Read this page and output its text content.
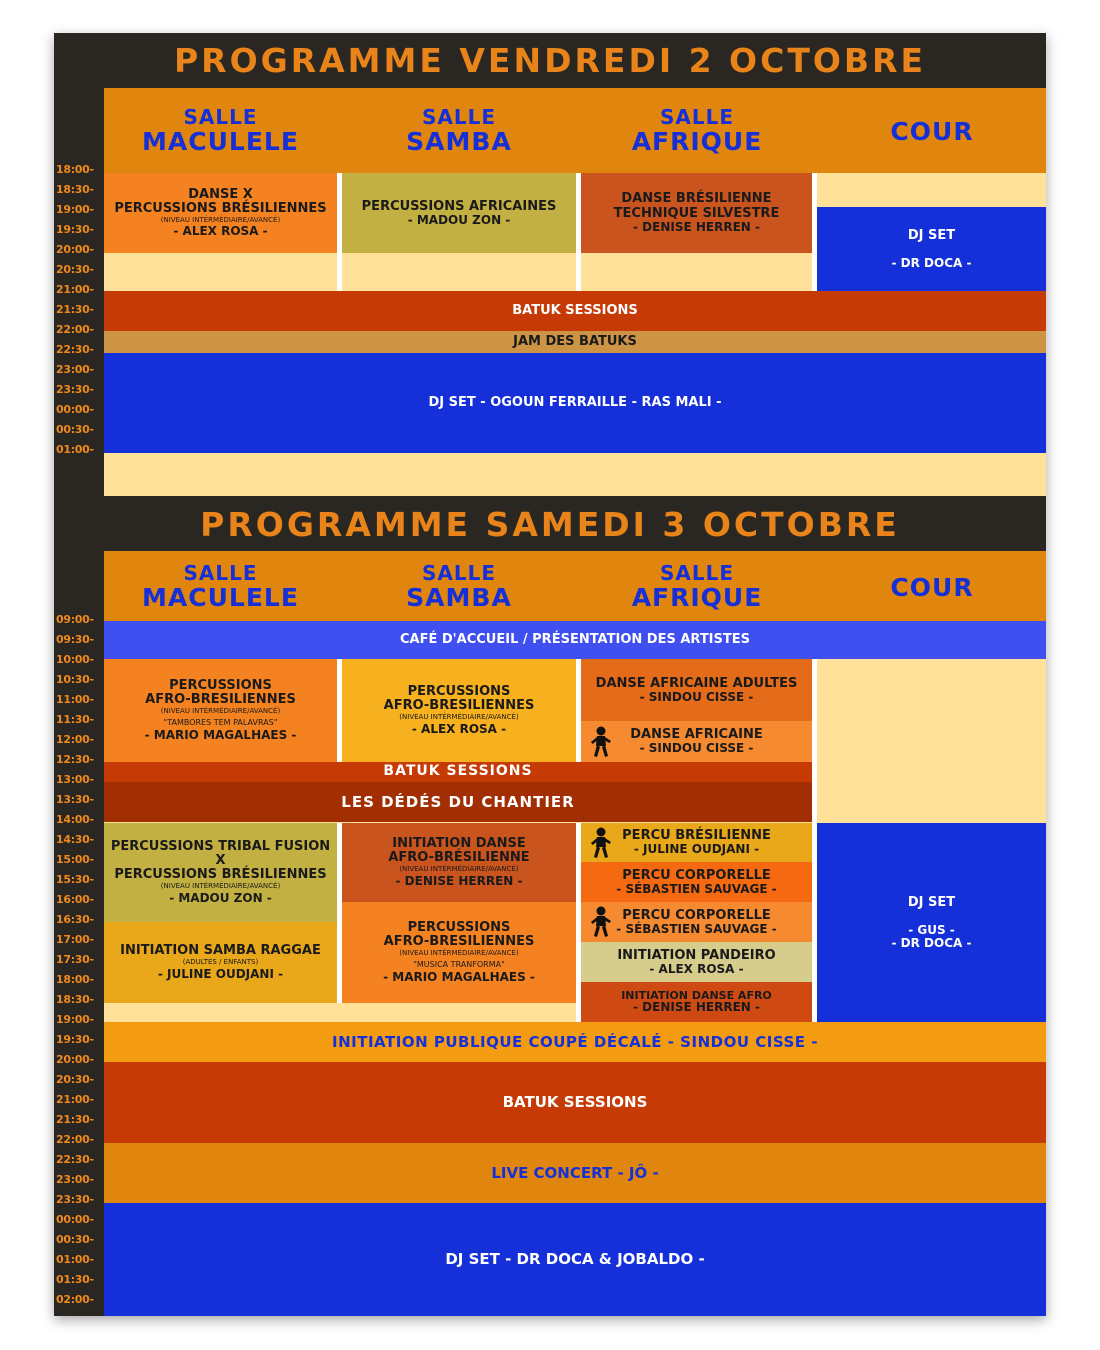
PROGRAMME VENDREDI 2 OCTOBRE
SALLE
MACULELE
SALLE
SAMBA
SALLE
AFRIQUE	COUR
18:00-
18:30-
19:00-
19:30-
20:00-
20:30-
21:00-
21:30-
22:00-
22:30-
23:00-
23:30-
00:00-
00:30-
01:00-
DANSE X
PERCUSSIONS BRÉSILIENNES
(NIVEAU INTÉRMÉDIAIRE/AVANCÉ)
- ALEX ROSA -
PERCUSSIONS AFRICAINES
- MADOU ZON -
DANSE BRÉSILIENNE
TECHNIQUE SILVESTRE
- DENISE HERREN -
DJ SET
- DR DOCA -
BATUK SESSIONS
JAM DES BATUKS
DJ SET - OGOUN FERRAILLE - RAS MALI -
PROGRAMME SAMEDI 3 OCTOBRE
SALLE
MACULELE
SALLE
SAMBA
SALLE
AFRIQUE	COUR
09:00-
09:30-
10:00-
10:30-
11:00-
11:30-
12:00-
12:30-
13:00-
13:30-
14:00-
14:30-
15:00-
15:30-
16:00-
16:30-
17:00-
17:30-
18:00-
18:30-
19:00-
19:30-
20:00-
20:30-
21:00-
21:30-
22:00-
22:30-
23:00-
23:30-
00:00-
00:30-
01:00-
01:30-
02:00-
CAFÉ D'ACCUEIL / PRÉSENTATION DES ARTISTES
PERCUSSIONS
AFRO-BRESILIENNES
(NIVEAU INTÉRMÉDIAIRE/AVANCÉ)
"TAMBORES TEM PALAVRAS"
- MARIO MAGALHAES -
PERCUSSIONS
AFRO-BRESILIENNES
(NIVEAU INTÉRMÉDIAIRE/AVANCÉ)
- ALEX ROSA -
DANSE AFRICAINE ADULTES
- SINDOU CISSE -
DANSE AFRICAINE
- SINDOU CISSE -
BATUK SESSIONS
LES DÉDÉS DU CHANTIER
PERCUSSIONS TRIBAL FUSION X
PERCUSSIONS BRÉSILIENNES
(NIVEAU INTÉRMÉDIAIRE/AVANCÉ)
- MADOU ZON -
INITIATION SAMBA RAGGAE
(ADULTES / ENFANTS)
- JULINE OUDJANI -
INITIATION DANSE
AFRO-BRÉSILIENNE
(NIVEAU INTÉRMÉDIAIRE/AVANCÉ)
- DENISE HERREN -
PERCUSSIONS
AFRO-BRESILIENNES
(NIVEAU INTÉRMÉDIAIRE/AVANCÉ)
"MUSICA TRANFORMA"
- MARIO MAGALHAES -
PERCU BRÉSILIENNE
- JULINE OUDJANI -
PERCU CORPORELLE
- SÉBASTIEN SAUVAGE -
PERCU CORPORELLE
- SÉBASTIEN SAUVAGE -
INITIATION PANDEIRO
- ALEX ROSA -
INITIATION DANSE AFRO
- DENISE HERREN -
DJ SET
- GUS -
- DR DOCA -
INITIATION PUBLIQUE COUPÉ DÉCALÉ - SINDOU CISSE -
BATUK SESSIONS
LIVE CONCERT - JÔ -
DJ SET - DR DOCA & JOBALDO -
